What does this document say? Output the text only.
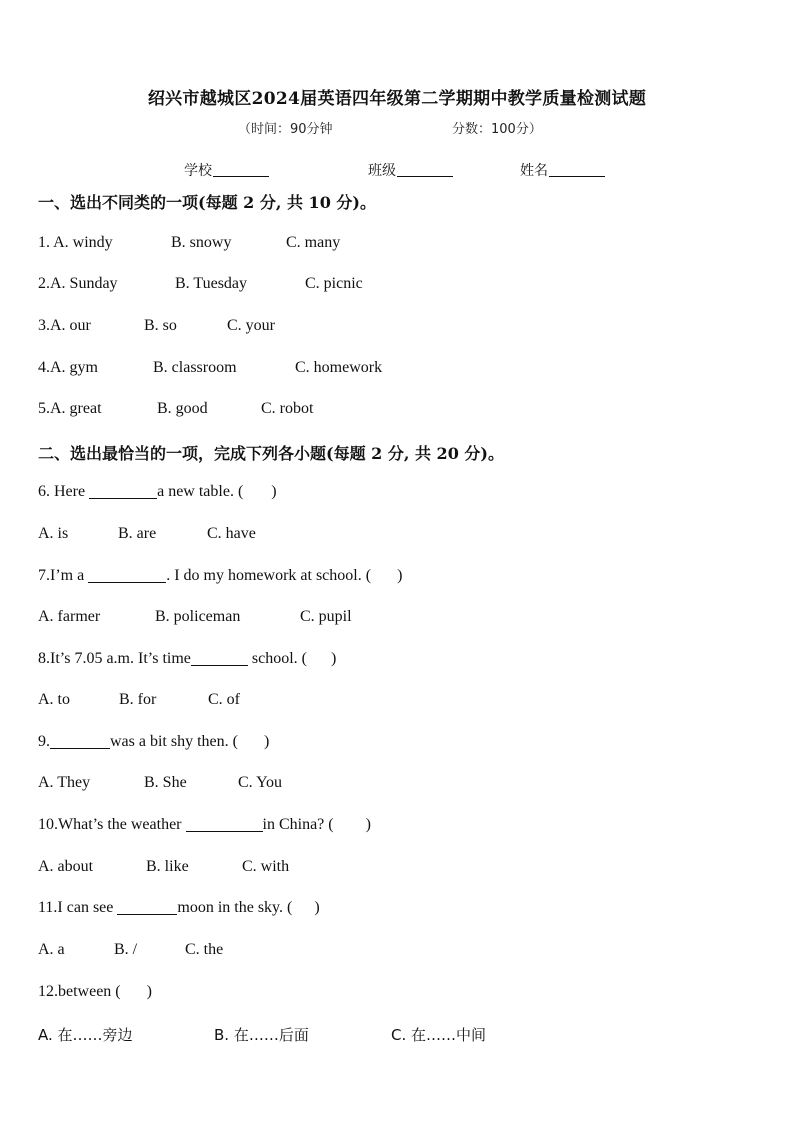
绍兴市越城区2024届英语四年级第二学期期中教学质量检测试题
（时间：90分钟	分数：100分）
学校	班级	姓名
一、选出不同类的一项(每题 2 分, 共 10 分)。
1. A. windy	B. snowy	C. many
2.A. Sunday	B. Tuesday	C. picnic
3.A. our	B. so	C. your
4.A. gym	B. classroom	C. homework
5.A. great	B. good	C. robot
二、选出最恰当的一项，完成下列各小题(每题 2 分, 共 20 分)。
6. Here	a new table. ( )
A. is	B. are	C. have
7.I’m a	. I do my homework at school. ( )
A. farmer	B. policeman	C. pupil
8.It’s 7.05 a.m. It’s time	school. ( )
A. to	B. for	C. of
9.	was a bit shy then. ( )
A. They	B. She	C. You
10.What’s the weather	in China? ( )
A. about	B. like	C. with
11.I can see	moon in the sky. ( )
A. a	B. /	C. the
12.between ( )
A. 在……旁边	B. 在……后面	C. 在……中间
